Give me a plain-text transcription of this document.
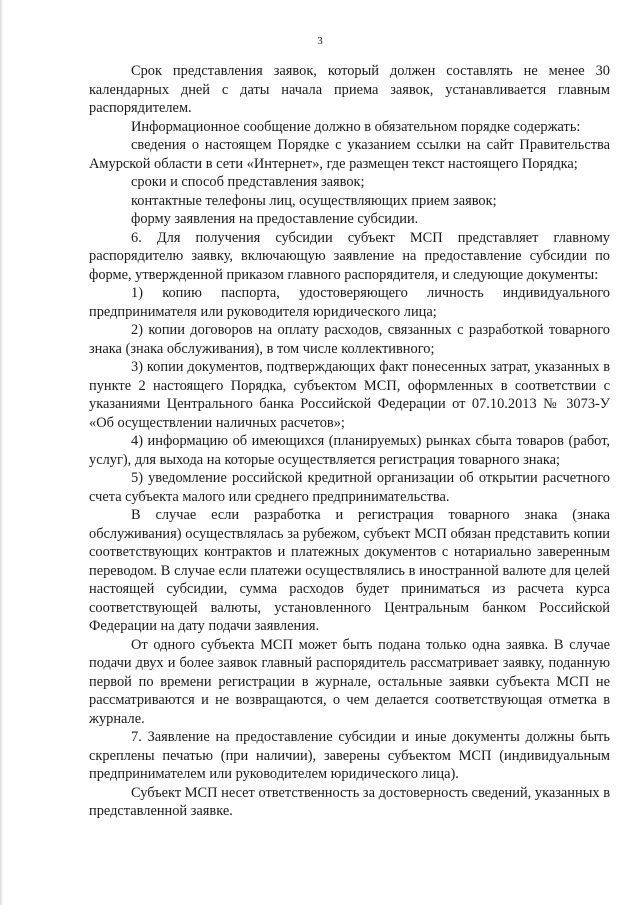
3

Срок представления заявок, который должен составлять не менее 30 календарных дней с даты начала приема заявок, устанавливается главным распорядителем.

Информационное сообщение должно в обязательном порядке содержать:

сведения о настоящем Порядке с указанием ссылки на сайт Правительства Амурской области в сети «Интернет», где размещен текст настоящего Порядка;

сроки и способ представления заявок;

контактные телефоны лиц, осуществляющих прием заявок;

форму заявления на предоставление субсидии.

6. Для получения субсидии субъект МСП представляет главному распорядителю заявку, включающую заявление на предоставление субсидии по форме, утвержденной приказом главного распорядителя, и следующие документы:

1) копию паспорта, удостоверяющего личность индивидуального предпринимателя или руководителя юридического лица;

2) копии договоров на оплату расходов, связанных с разработкой товарного знака (знака обслуживания), в том числе коллективного;

3) копии документов, подтверждающих факт понесенных затрат, указанных в пункте 2 настоящего Порядка, субъектом МСП, оформленных в соответствии с указаниями Центрального банка Российской Федерации от 07.10.2013 № 3073-У «Об осуществлении наличных расчетов»;

4) информацию об имеющихся (планируемых) рынках сбыта товаров (работ, услуг), для выхода на которые осуществляется регистрация товарного знака;

5) уведомление российской кредитной организации об открытии расчетного счета субъекта малого или среднего предпринимательства.

В случае если разработка и регистрация товарного знака (знака обслуживания) осуществлялась за рубежом, субъект МСП обязан представить копии соответствующих контрактов и платежных документов с нотариально заверенным переводом. В случае если платежи осуществлялись в иностранной валюте для целей настоящей субсидии, сумма расходов будет приниматься из расчета курса соответствующей валюты, установленного Центральным банком Российской Федерации на дату подачи заявления.

От одного субъекта МСП может быть подана только одна заявка. В случае подачи двух и более заявок главный распорядитель рассматривает заявку, поданную первой по времени регистрации в журнале, остальные заявки субъекта МСП не рассматриваются и не возвращаются, о чем делается соответствующая отметка в журнале.

7. Заявление на предоставление субсидии и иные документы должны быть скреплены печатью (при наличии), заверены субъектом МСП (индивидуальным предпринимателем или руководителем юридического лица).

Субъект МСП несет ответственность за достоверность сведений, указанных в представленной заявке.
